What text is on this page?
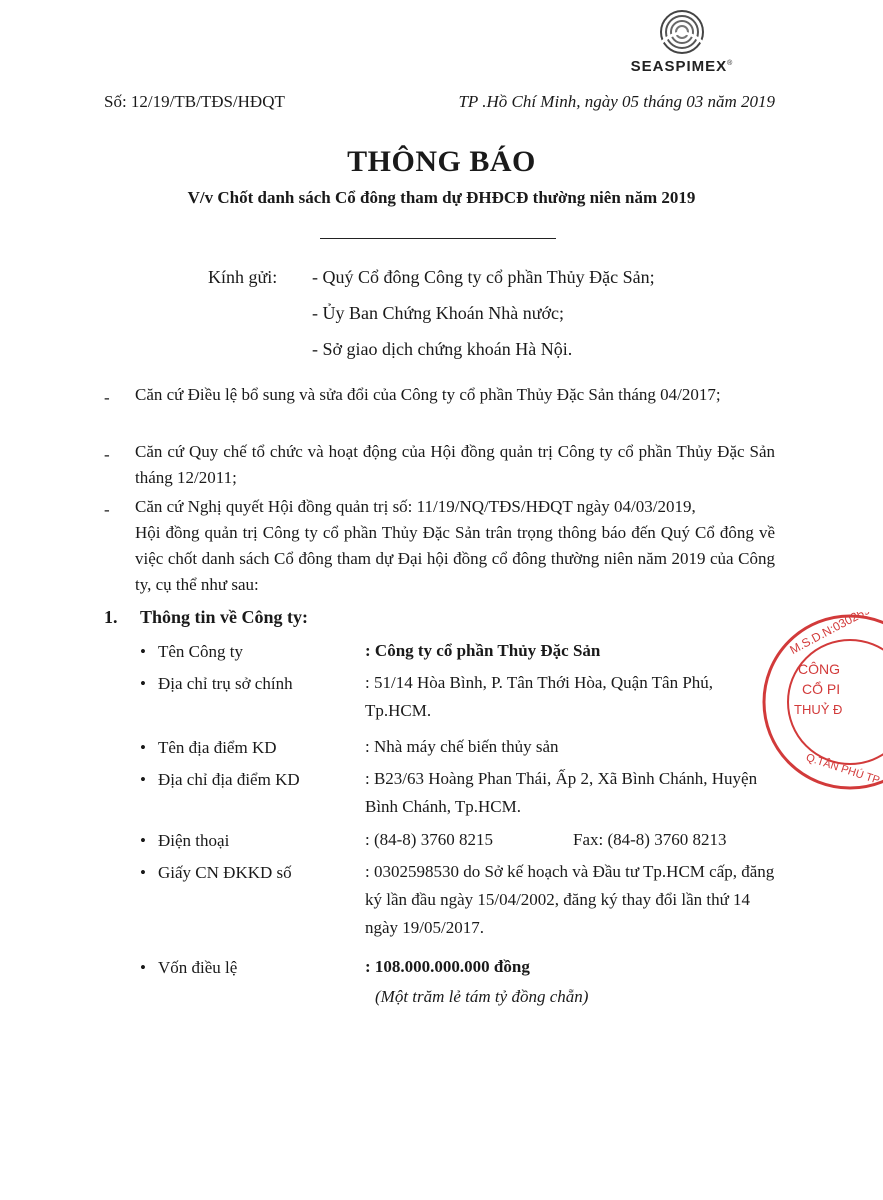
SEASPIMEX®
Số: 12/19/TB/TĐS/HĐQT	TP .Hồ Chí Minh, ngày 05 tháng 03 năm 2019
THÔNG BÁO
V/v Chốt danh sách Cổ đông tham dự ĐHĐCĐ thường niên năm 2019
Kính gửi: - Quý Cổ đông Công ty cổ phần Thủy Đặc Sản;
- Ủy Ban Chứng Khoán Nhà nước;
- Sở giao dịch chứng khoán Hà Nội.
- Căn cứ Điều lệ bổ sung và sửa đổi của Công ty cổ phần Thủy Đặc Sản tháng 04/2017;
- Căn cứ Quy chế tổ chức và hoạt động của Hội đồng quản trị Công ty cổ phần Thủy Đặc Sản tháng 12/2011;
- Căn cứ Nghị quyết Hội đồng quản trị số: 11/19/NQ/TĐS/HĐQT ngày 04/03/2019,
Hội đồng quản trị Công ty cổ phần Thủy Đặc Sản trân trọng thông báo đến Quý Cổ đông về việc chốt danh sách Cổ đông tham dự Đại hội đồng cổ đông thường niên năm 2019 của Công ty, cụ thể như sau:
1. Thông tin về Công ty:
• Tên Công ty	: Công ty cổ phần Thủy Đặc Sản
• Địa chỉ trụ sở chính	: 51/14 Hòa Bình, P. Tân Thới Hòa, Quận Tân Phú, Tp.HCM.
• Tên địa điểm KD	: Nhà máy chế biến thủy sản
• Địa chỉ địa điểm KD	: B23/63 Hoàng Phan Thái, Ấp 2, Xã Bình Chánh, Huyện Bình Chánh, Tp.HCM.
• Điện thoại	: (84-8) 3760 8215	Fax: (84-8) 3760 8213
• Giấy CN ĐKKD số	: 0302598530 do Sở kế hoạch và Đầu tư Tp.HCM cấp, đăng ký lần đầu ngày 15/04/2002, đăng ký thay đổi lần thứ 14 ngày 19/05/2017.
• Vốn điều lệ	: 108.000.000.000 đồng
(Một trăm lẻ tám tỷ đồng chẵn)
M.S.D.N:030259
CÔNG
CỔ PI
THUỶ Đ
Q.TÂN PHÚ TP
